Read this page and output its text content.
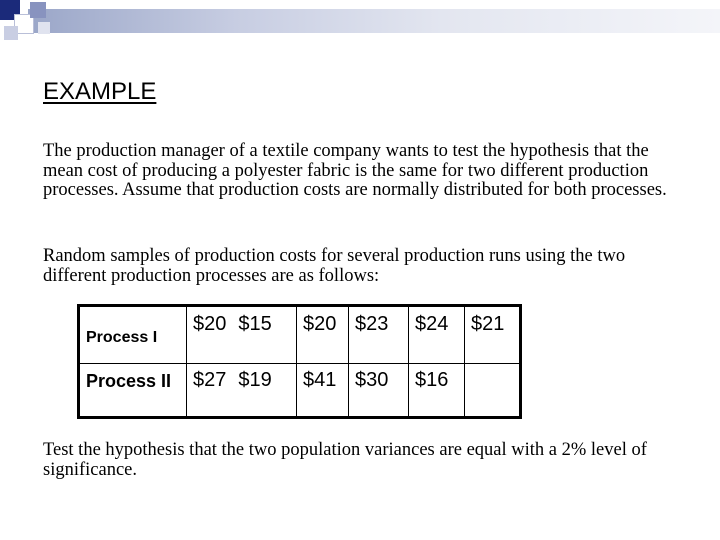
EXAMPLE
The production manager of a textile company wants to test the hypothesis that the mean cost of producing a polyester fabric is the same for two different production processes. Assume that production costs are normally distributed for both processes.
Random samples of production costs for several production runs using the two different production processes are as follows:
Process I	$20 $15	$20	$23	$24	$21
Process II	$27 $19	$41	$30	$16	
Test the hypothesis that the two population variances are equal with a 2% level of significance.
